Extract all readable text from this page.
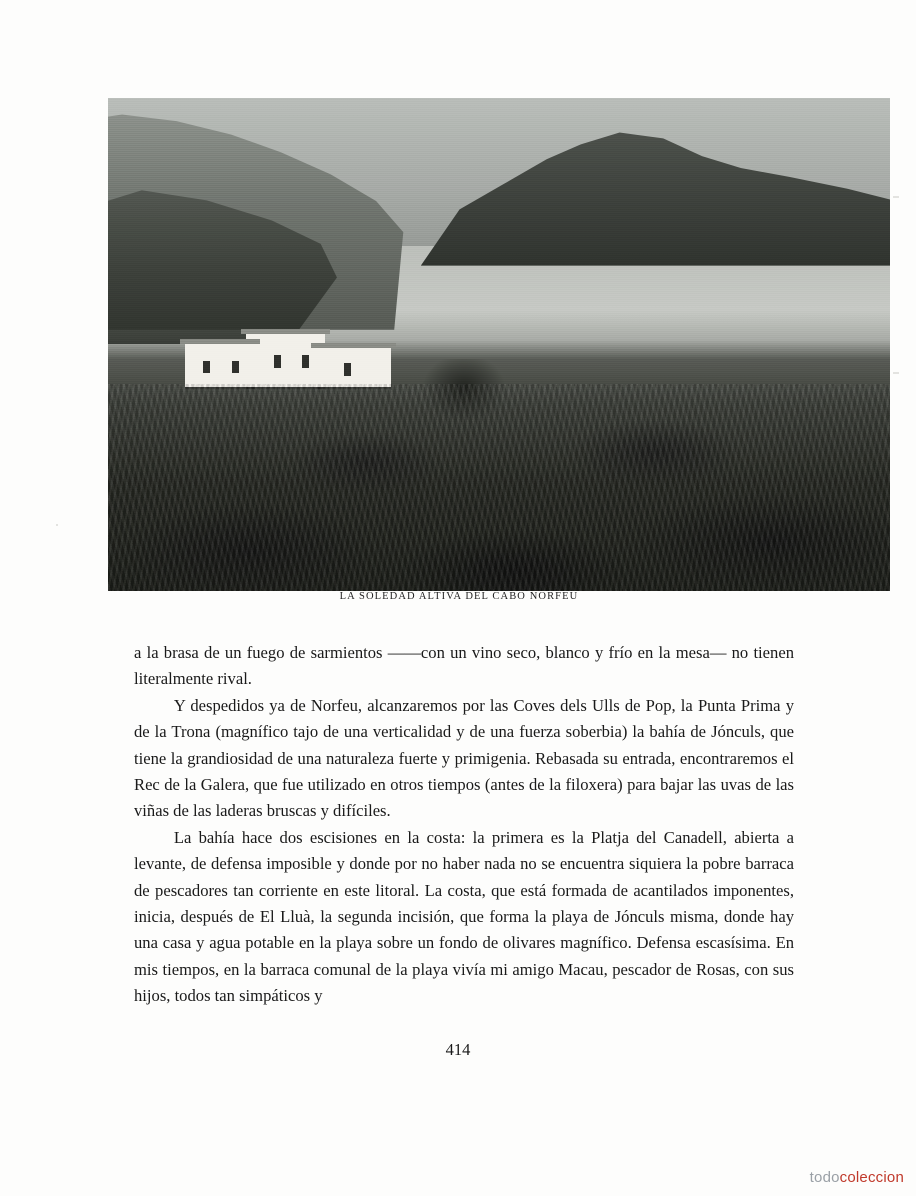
LA SOLEDAD ALTIVA DEL CABO NORFEU

a la brasa de un fuego de sarmientos ——con un vino seco, blanco y frío en la mesa— no tienen literalmente rival.

Y despedidos ya de Norfeu, alcanzaremos por las Coves dels Ulls de Pop, la Punta Prima y de la Trona (magnífico tajo de una verticalidad y de una fuerza soberbia) la bahía de Jónculs, que tiene la grandiosidad de una naturaleza fuerte y primigenia. Rebasada su entrada, encontraremos el Rec de la Galera, que fue utilizado en otros tiempos (antes de la filoxera) para bajar las uvas de las viñas de las laderas bruscas y difíciles.

La bahía hace dos escisiones en la costa: la primera es la Platja del Canadell, abierta a levante, de defensa imposible y donde por no haber nada no se encuentra siquiera la pobre barraca de pescadores tan corriente en este litoral. La costa, que está formada de acantilados imponentes, inicia, después de El Lluà, la segunda incisión, que forma la playa de Jónculs misma, donde hay una casa y agua potable en la playa sobre un fondo de olivares magnífico. Defensa escasísima. En mis tiempos, en la barraca comunal de la playa vivía mi amigo Macau, pescador de Rosas, con sus hijos, todos tan simpáticos y

414
todocoleccion
